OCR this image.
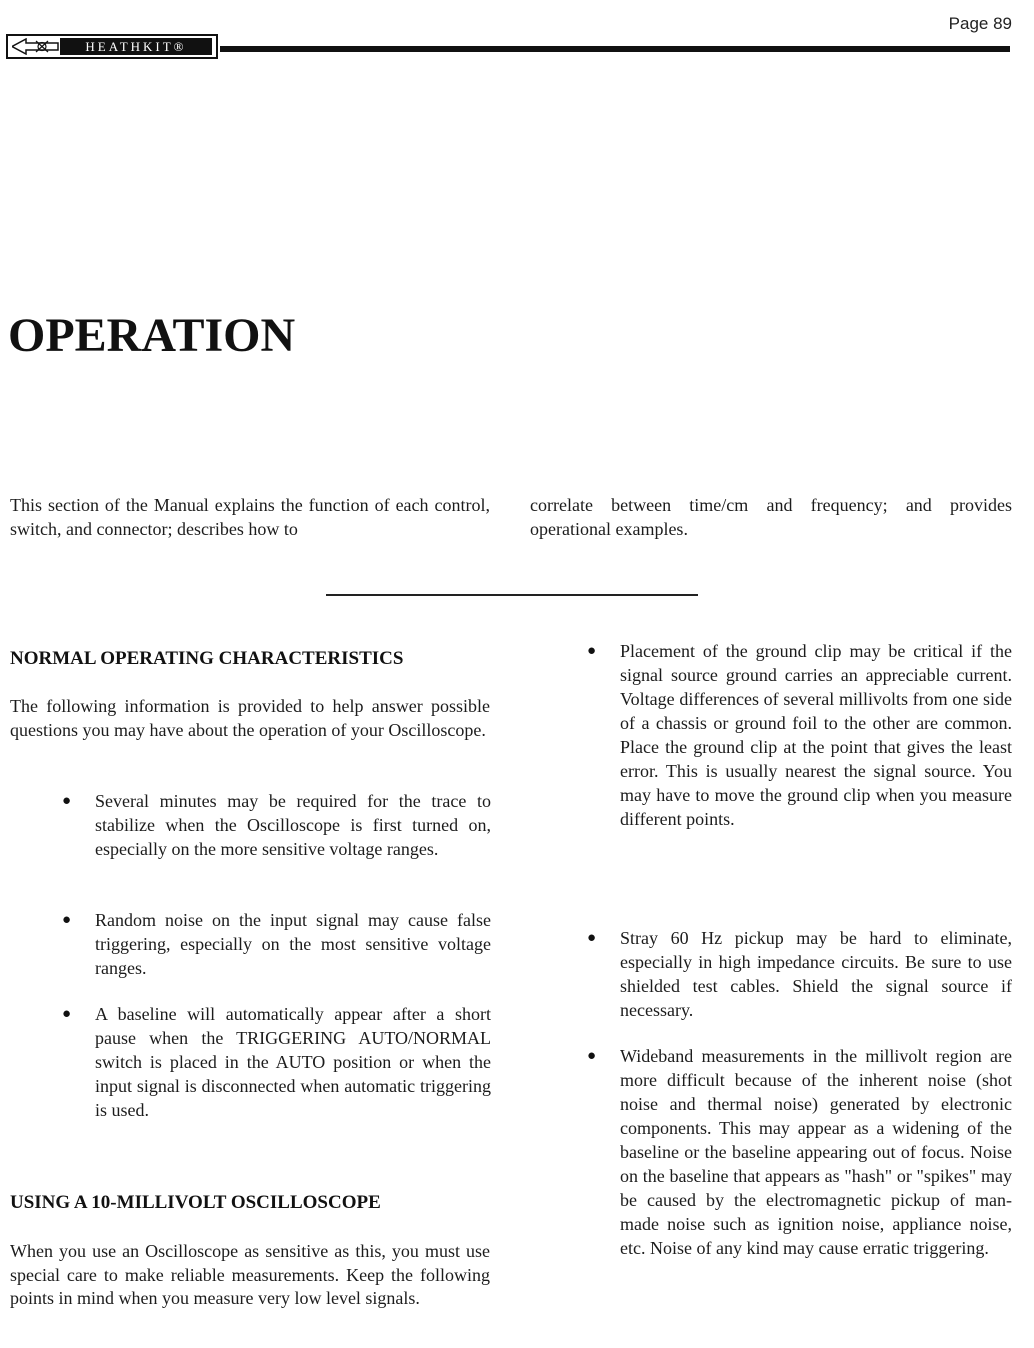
Page 89
HEATHKIT®
OPERATION

This section of the Manual explains the function of each control, switch, and connector; describes how to

correlate between time/cm and frequency; and provides operational examples.

NORMAL OPERATING CHARACTERISTICS

The following information is provided to help answer possible questions you may have about the operation of your Oscilloscope.

● Several minutes may be required for the trace to stabilize when the Oscilloscope is first turned on, especially on the more sensitive voltage ranges.

● Random noise on the input signal may cause false triggering, especially on the most sensitive voltage ranges.

● A baseline will automatically appear after a short pause when the TRIGGERING AUTO/NORMAL switch is placed in the AUTO position or when the input signal is disconnected when automatic triggering is used.

USING A 10-MILLIVOLT OSCILLOSCOPE

When you use an Oscilloscope as sensitive as this, you must use special care to make reliable measurements. Keep the following points in mind when you measure very low level signals.

● Placement of the ground clip may be critical if the signal source ground carries an appreciable current. Voltage differences of several millivolts from one side of a chassis or ground foil to the other are common. Place the ground clip at the point that gives the least error. This is usually nearest the signal source. You may have to move the ground clip when you measure different points.

● Stray 60 Hz pickup may be hard to eliminate, especially in high impedance circuits. Be sure to use shielded test cables. Shield the signal source if necessary.

● Wideband measurements in the millivolt region are more difficult because of the inherent noise (shot noise and thermal noise) generated by electronic components. This may appear as a widening of the baseline or the baseline appearing out of focus. Noise on the baseline that appears as "hash" or "spikes" may be caused by the electromagnetic pickup of man-made noise such as ignition noise, appliance noise, etc. Noise of any kind may cause erratic triggering.
